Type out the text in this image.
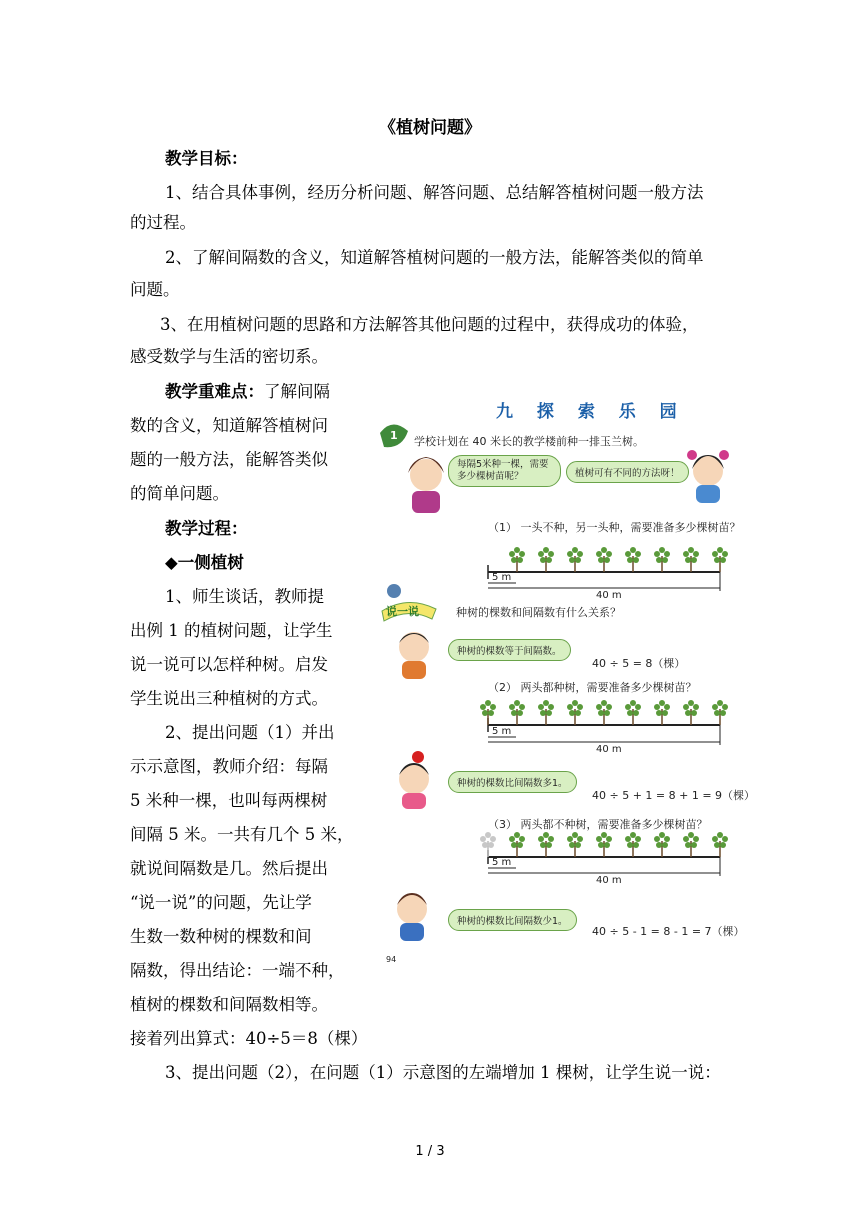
《植树问题》
教学目标：
1、结合具体事例，经历分析问题、解答问题、总结解答植树问题一般方法
的过程。
2、了解间隔数的含义，知道解答植树问题的一般方法，能解答类似的简单
问题。
3、在用植树问题的思路和方法解答其他问题的过程中，获得成功的体验，
感受数学与生活的密切系。
教学重难点：了解间隔
数的含义，知道解答植树问
题的一般方法，能解答类似
的简单问题。
教学过程：
◆一侧植树
1、师生谈话，教师提
出例 1 的植树问题，让学生
说一说可以怎样种树。启发
学生说出三种植树的方式。
2、提出问题（1）并出
示示意图，教师介绍：每隔
5 米种一棵，也叫每两棵树
间隔 5 米。一共有几个 5 米，
就说间隔数是几。然后提出
“说一说”的问题，先让学
生数一数种树的棵数和间
隔数，得出结论：一端不种，
植树的棵数和间隔数相等。
接着列出算式：40÷5＝8（棵）
3、提出问题（2），在问题（1）示意图的左端增加 1 棵树，让学生说一说：
1 / 3
九 探 索 乐 园
1 学校计划在 40 米长的教学楼前种一排玉兰树。
每隔5米种一棵，需要多少棵树苗呢？	植树可有不同的方法呀！
（1） 一头不种，另一头种，需要准备多少棵树苗？
5 m
40 m
说一说	种树的棵数和间隔数有什么关系？
种树的棵数等于间隔数。
40 ÷ 5 = 8（棵）
（2） 两头都种树，需要准备多少棵树苗？
5 m
40 m
种树的棵数比间隔数多1。
40 ÷ 5 + 1 = 8 + 1 = 9（棵）
（3） 两头都不种树，需要准备多少棵树苗？
5 m
40 m
种树的棵数比间隔数少1。
40 ÷ 5 - 1 = 8 - 1 = 7（棵）
94
